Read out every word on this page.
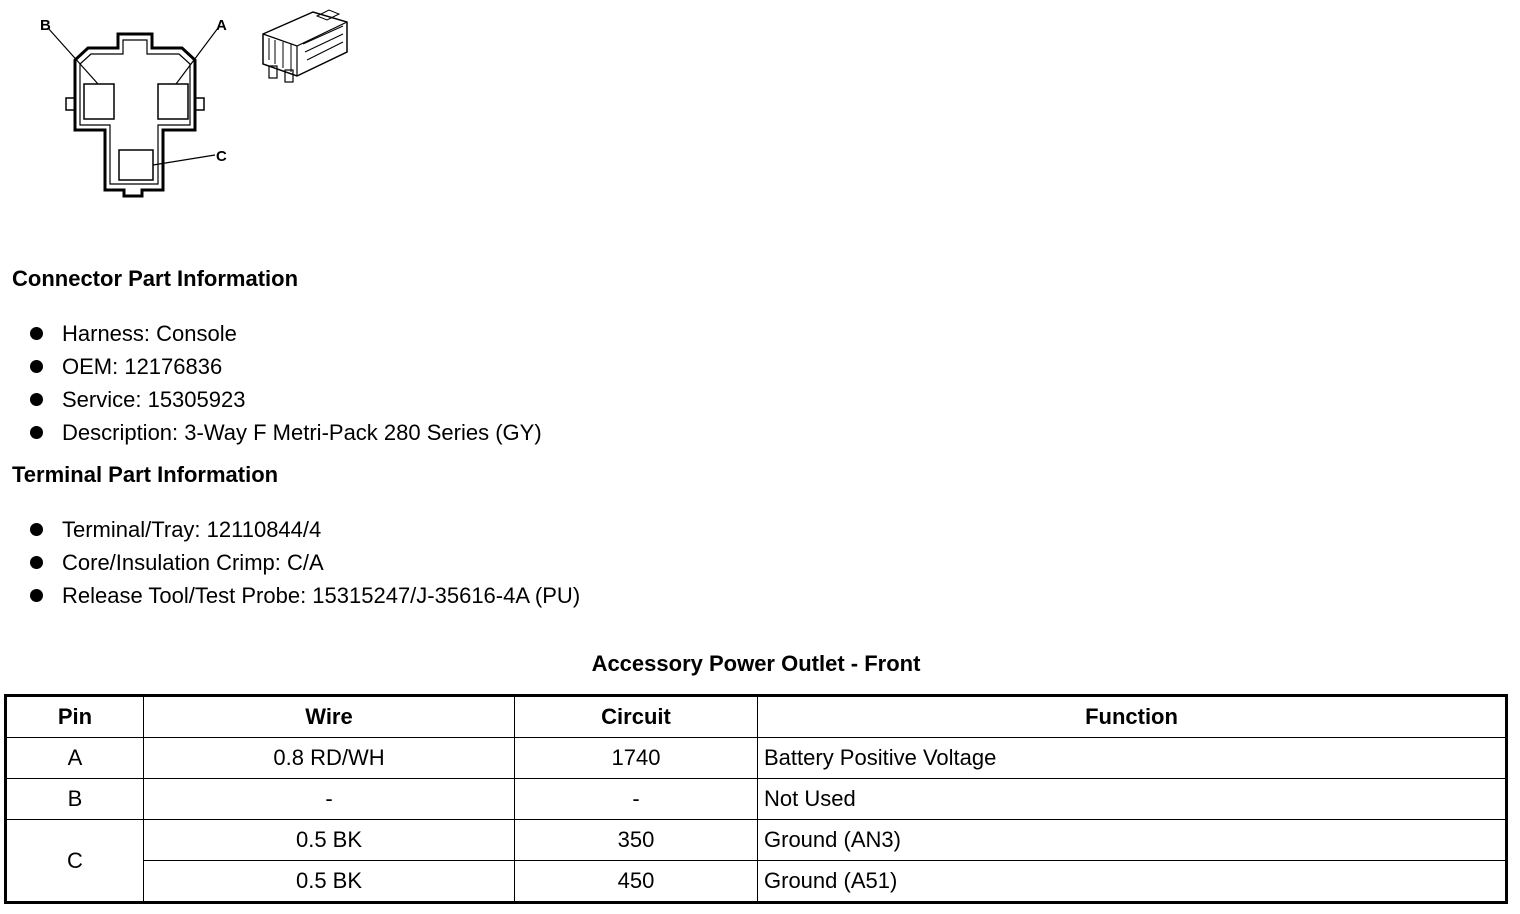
B	A
C
Connector Part Information
Harness: Console
OEM: 12176836
Service: 15305923
Description: 3-Way F Metri-Pack 280 Series (GY)
Terminal Part Information
Terminal/Tray: 12110844/4
Core/Insulation Crimp: C/A
Release Tool/Test Probe: 15315247/J-35616-4A (PU)
Accessory Power Outlet - Front
Pin	Wire	Circuit	Function
A	0.8 RD/WH	1740	Battery Positive Voltage
B	-	-	Not Used
C	0.5 BK	350	Ground (AN3)
	0.5 BK	450	Ground (A51)
